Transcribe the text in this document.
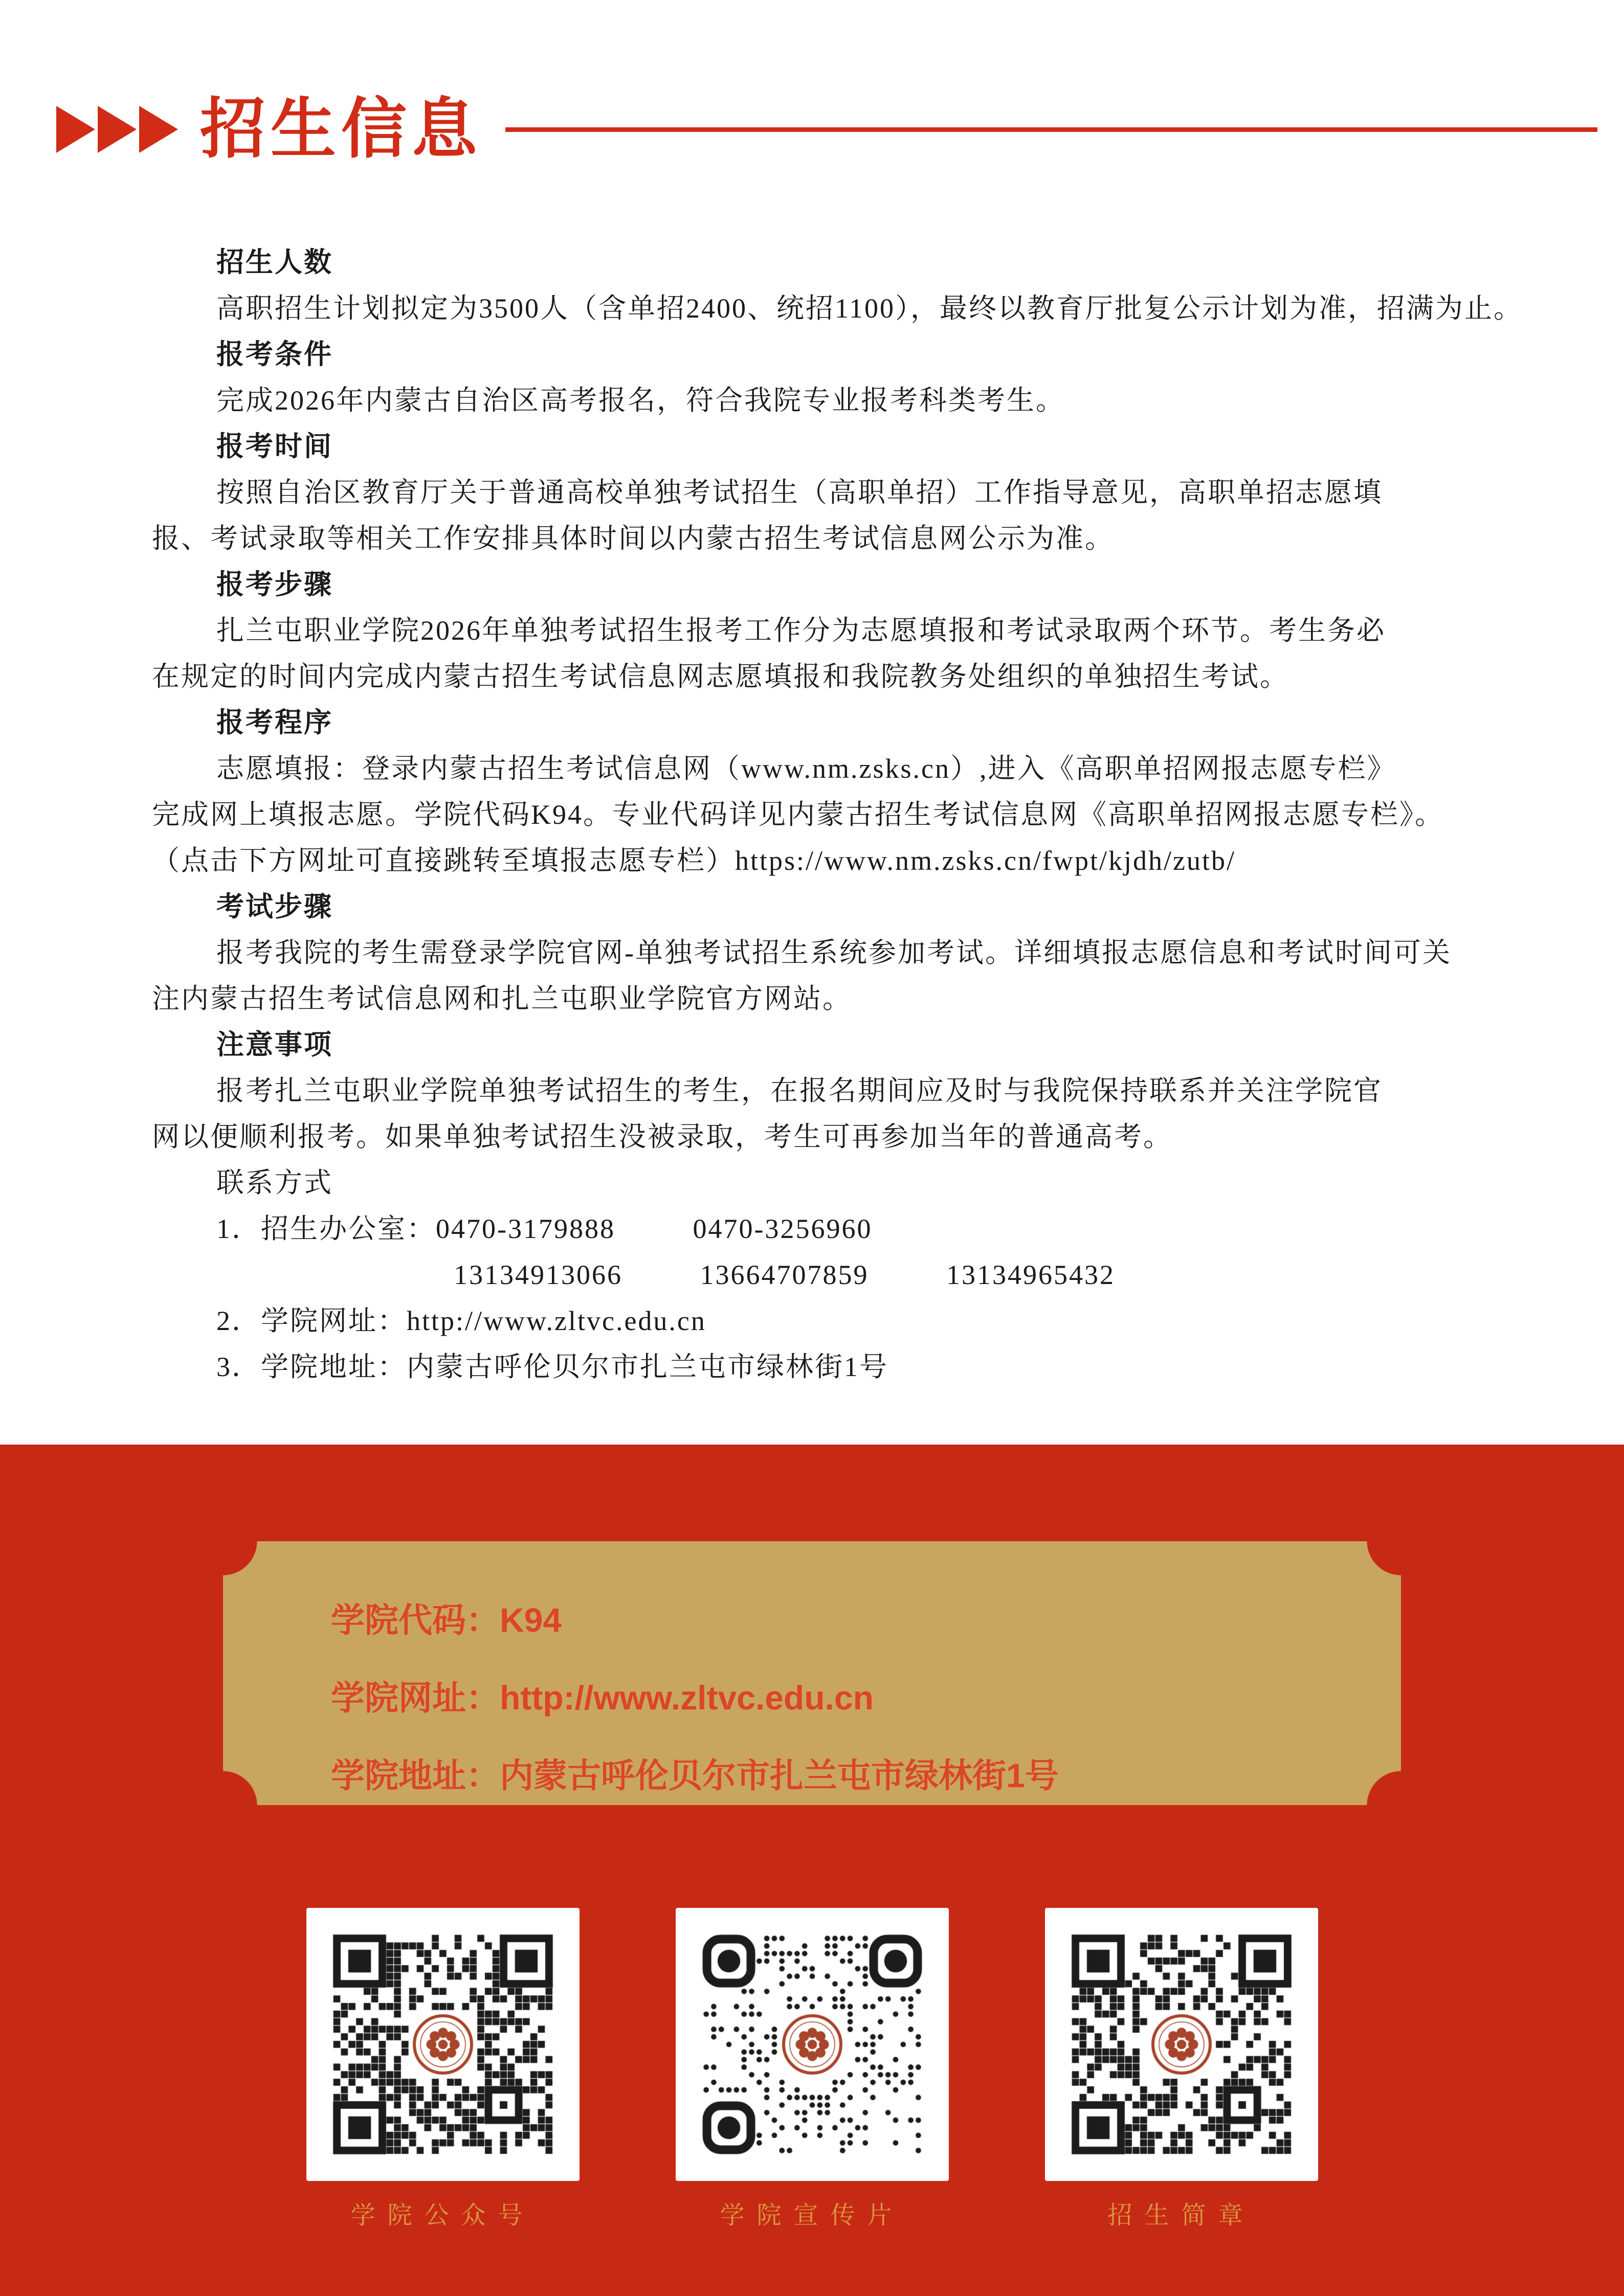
招生信息
招生人数
高职招生计划拟定为3500人（含单招2400、统招1100），最终以教育厅批复公示计划为准，招满为止。
报考条件
完成2026年内蒙古自治区高考报名，符合我院专业报考科类考生。
报考时间
按照自治区教育厅关于普通高校单独考试招生（高职单招）工作指导意见，高职单招志愿填
报、考试录取等相关工作安排具体时间以内蒙古招生考试信息网公示为准。
报考步骤
扎兰屯职业学院2026年单独考试招生报考工作分为志愿填报和考试录取两个环节。考生务必
在规定的时间内完成内蒙古招生考试信息网志愿填报和我院教务处组织的单独招生考试。
报考程序
志愿填报：登录内蒙古招生考试信息网（www.nm.zsks.cn）,进入《高职单招网报志愿专栏》
完成网上填报志愿。学院代码K94。专业代码详见内蒙古招生考试信息网《高职单招网报志愿专栏》。
（点击下方网址可直接跳转至填报志愿专栏）https://www.nm.zsks.cn/fwpt/kjdh/zutb/
考试步骤
报考我院的考生需登录学院官网-单独考试招生系统参加考试。详细填报志愿信息和考试时间可关
注内蒙古招生考试信息网和扎兰屯职业学院官方网站。
注意事项
报考扎兰屯职业学院单独考试招生的考生，在报名期间应及时与我院保持联系并关注学院官
网以便顺利报考。如果单独考试招生没被录取，考生可再参加当年的普通高考。
联系方式
1．招生办公室：0470-3179888 0470-3256960
13134913066 13664707859 13134965432
2．学院网址：http://www.zltvc.edu.cn
3．学院地址：内蒙古呼伦贝尔市扎兰屯市绿林街1号
学院代码：K94
学院网址：http://www.zltvc.edu.cn
学院地址：内蒙古呼伦贝尔市扎兰屯市绿林街1号
学院公众号	学院宣传片	招生简章
